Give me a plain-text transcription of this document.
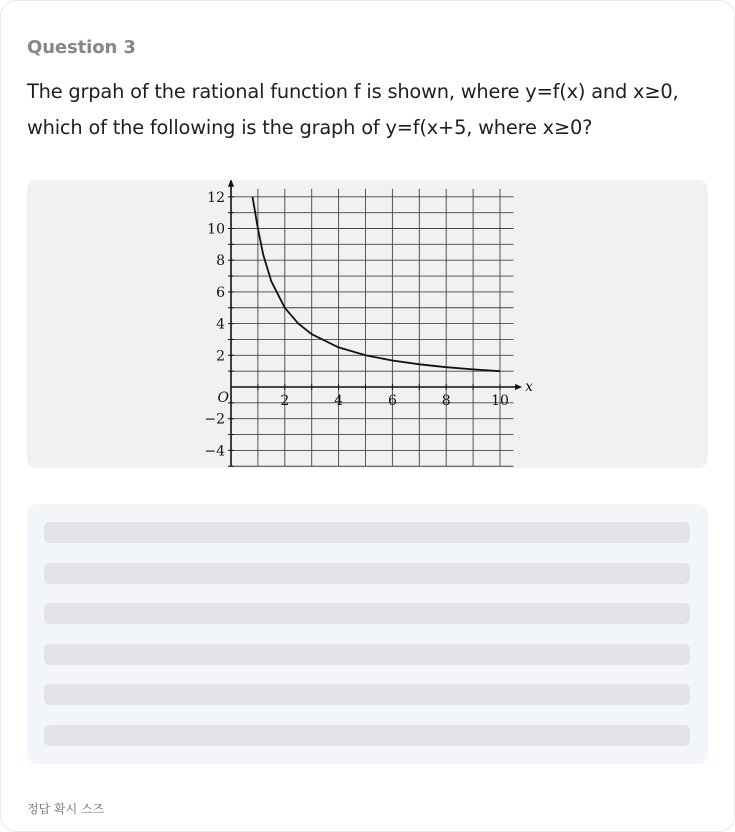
Question 3
The grpah of the rational function f is shown, where y=f(x) and x≥0, which of the following is the graph of y=f(x+5, where x≥0?
2	4	6	8	10
12
10
8
6
4
2
−2
−4
O
x
정답 확시 스즈
